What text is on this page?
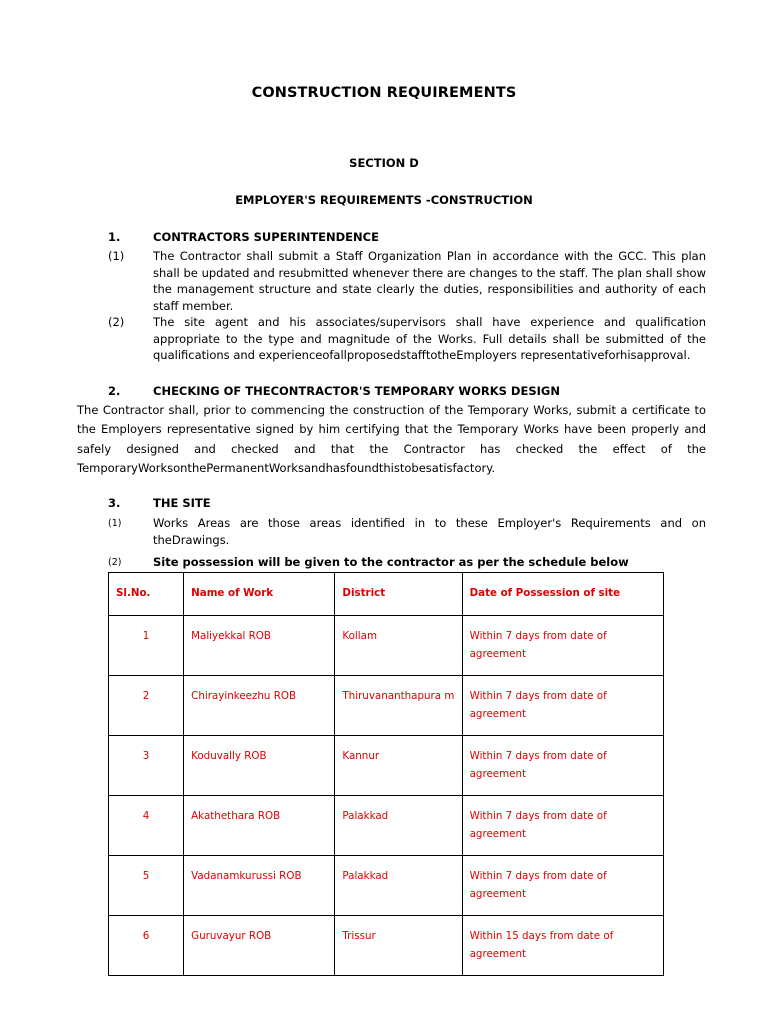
CONSTRUCTION REQUIREMENTS
SECTION D
EMPLOYER'S REQUIREMENTS -CONSTRUCTION
1.	CONTRACTORS SUPERINTENDENCE
(1) The Contractor shall submit a Staff Organization Plan in accordance with the GCC. This plan shall be updated and resubmitted whenever there are changes to the staff. The plan shall show the management structure and state clearly the duties, responsibilities and authority of each staff member.
(2) The site agent and his associates/supervisors shall have experience and qualification appropriate to the type and magnitude of the Works. Full details shall be submitted of the qualifications and experienceofallproposedstafftotheEmployers representativeforhisapproval.
2.	CHECKING OF THECONTRACTOR'S TEMPORARY WORKS DESIGN
The Contractor shall, prior to commencing the construction of the Temporary Works, submit a certificate to the Employers representative signed by him certifying that the Temporary Works have been properly and safely designed and checked and that the Contractor has checked the effect of the TemporaryWorksonthePermanentWorksandhasfoundthistobesatisfactory.
3.	THE SITE
(1)	Works Areas are those areas identified in to these Employer's Requirements and on theDrawings.
(2)	Site possession will be given to the contractor as per the schedule below
Sl.No.	Name of Work	District	Date of Possession of site
1	Maliyekkal ROB	Kollam	Within 7 days from date of agreement
2	Chirayinkeezhu ROB	Thiruvananthapura m	Within 7 days from date of agreement
3	Koduvally ROB	Kannur	Within 7 days from date of agreement
4	Akathethara ROB	Palakkad	Within 7 days from date of agreement
5	Vadanamkurussi ROB	Palakkad	Within 7 days from date of agreement
6	Guruvayur ROB	Trissur	Within 15 days from date of agreement
